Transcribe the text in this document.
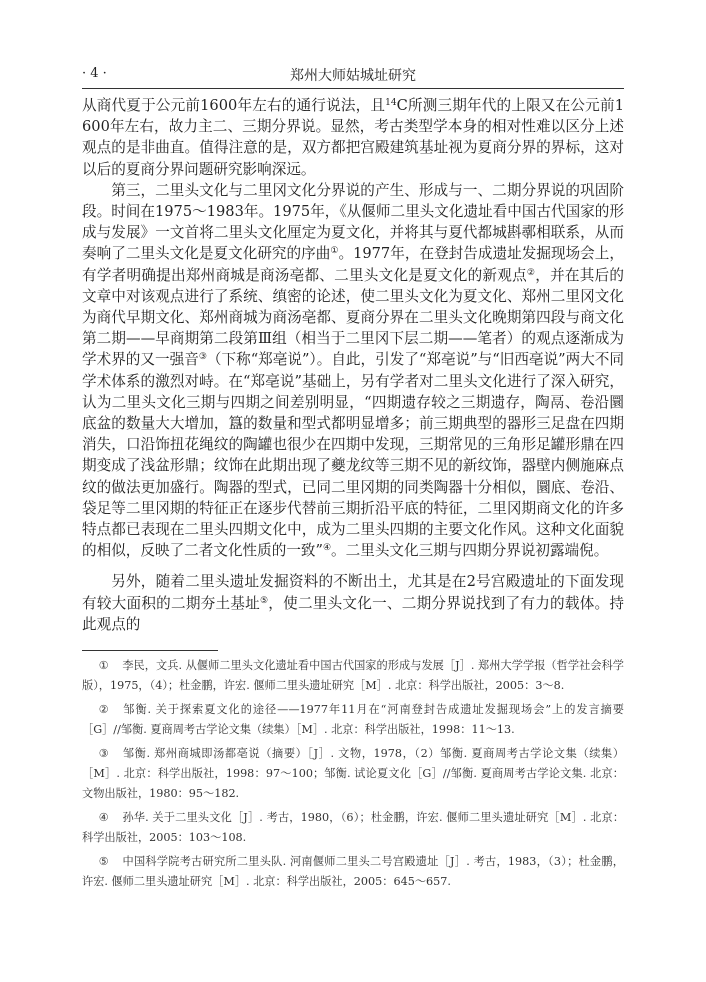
· 4 ·	郑州大师姑城址研究

从商代夏于公元前1600年左右的通行说法，且$^{14}$C所测三期年代的上限又在公元前1600年左右，故力主二、三期分界说。显然，考古类型学本身的相对性难以区分上述观点的是非曲直。值得注意的是，双方都把宫殿建筑基址视为夏商分界的界标，这对以后的夏商分界问题研究影响深远。

第三，二里头文化与二里冈文化分界说的产生、形成与一、二期分界说的巩固阶段。时间在1975～1983年。1975年，《从偃师二里头文化遗址看中国古代国家的形成与发展》一文首将二里头文化厘定为夏文化，并将其与夏代都城斟鄩相联系，从而奏响了二里头文化是夏文化研究的序曲①。1977年，在登封告成遗址发掘现场会上，有学者明确提出郑州商城是商汤亳都、二里头文化是夏文化的新观点②，并在其后的文章中对该观点进行了系统、缜密的论述，使二里头文化为夏文化、郑州二里冈文化为商代早期文化、郑州商城为商汤亳都、夏商分界在二里头文化晚期第四段与商文化第二期——早商期第二段第Ⅲ组（相当于二里冈下层二期——笔者）的观点逐渐成为学术界的又一强音③（下称“郑亳说”）。自此，引发了“郑亳说”与“旧西亳说”两大不同学术体系的激烈对峙。在“郑亳说”基础上，另有学者对二里头文化进行了深入研究，认为二里头文化三期与四期之间差别明显，“四期遗存较之三期遗存，陶鬲、卷沿圜底盆的数量大大增加，簋的数量和型式都明显增多；前三期典型的器形三足盘在四期消失，口沿饰扭花绳纹的陶罐也很少在四期中发现，三期常见的三角形足罐形鼎在四期变成了浅盆形鼎；纹饰在此期出现了夔龙纹等三期不见的新纹饰，器壁内侧施麻点纹的做法更加盛行。陶器的型式，已同二里冈期的同类陶器十分相似，圜底、卷沿、袋足等二里冈期的特征正在逐步代替前三期折沿平底的特征，二里冈期商文化的许多特点都已表现在二里头四期文化中，成为二里头四期的主要文化作风。这种文化面貌的相似，反映了二者文化性质的一致”④。二里头文化三期与四期分界说初露端倪。

另外，随着二里头遗址发掘资料的不断出土，尤其是在2号宫殿遗址的下面发现有较大面积的二期夯土基址⑤，使二里头文化一、二期分界说找到了有力的载体。持此观点的

① 李民，文兵. 从偃师二里头文化遗址看中国古代国家的形成与发展［J］. 郑州大学学报（哲学社会科学版），1975，（4）；杜金鹏，许宏. 偃师二里头遗址研究［M］. 北京：科学出版社，2005：3～8.

② 邹衡. 关于探索夏文化的途径——1977年11月在“河南登封告成遗址发掘现场会”上的发言摘要［G］//邹衡. 夏商周考古学论文集（续集）［M］. 北京：科学出版社，1998：11～13.

③ 邹衡. 郑州商城即汤都亳说（摘要）［J］. 文物，1978，（2）邹衡. 夏商周考古学论文集（续集）［M］. 北京：科学出版社，1998：97～100；邹衡. 试论夏文化［G］//邹衡. 夏商周考古学论文集. 北京：文物出版社，1980：95～182.

④ 孙华. 关于二里头文化［J］. 考古，1980，（6）；杜金鹏，许宏. 偃师二里头遗址研究［M］. 北京：科学出版社，2005：103～108.

⑤ 中国科学院考古研究所二里头队. 河南偃师二里头二号宫殿遗址［J］. 考古，1983，（3）；杜金鹏，许宏. 偃师二里头遗址研究［M］. 北京：科学出版社，2005：645～657.
